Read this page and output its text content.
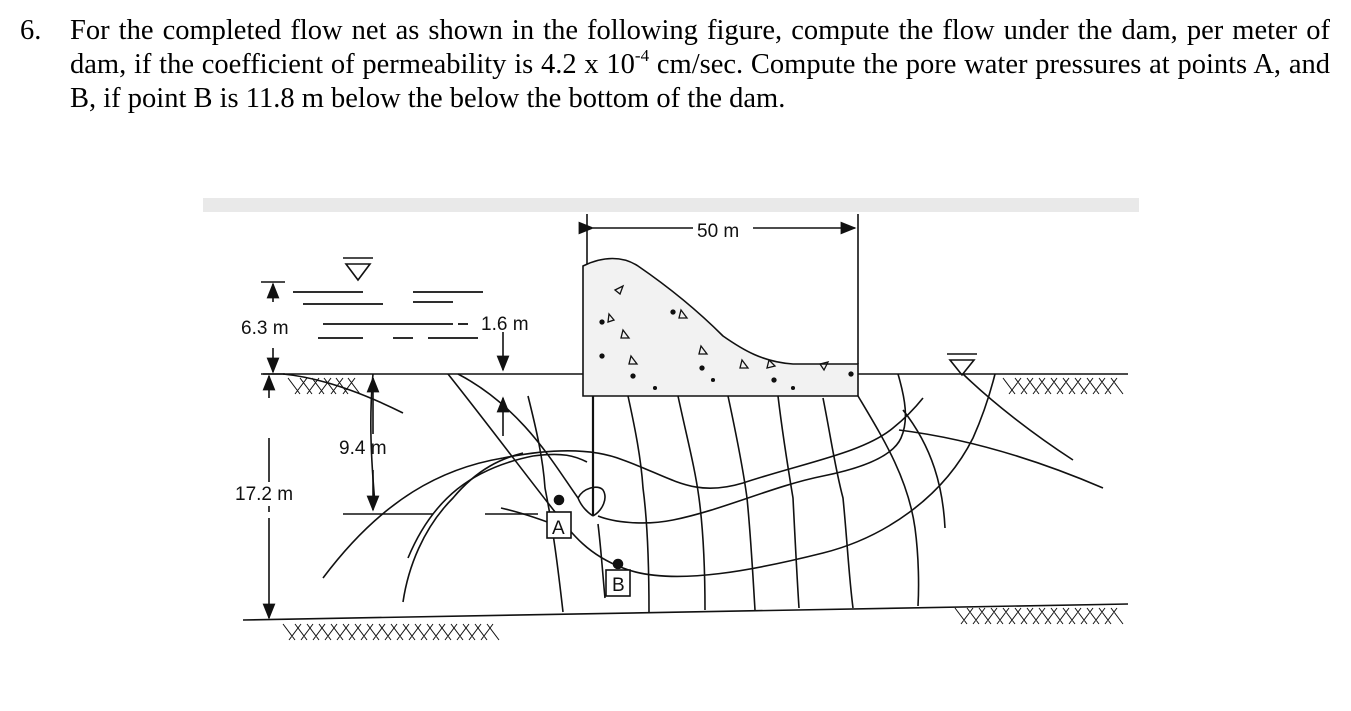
6. For the completed flow net as shown in the following figure, compute the flow under the dam, per meter of dam, if the coefficient of permeability is 4.2 x $10^{-4}$ cm/sec. Compute the pore water pressures at points A, and B, if point B is 11.8 m below the below the bottom of the dam.
50 m
6.3 m	1.6 m
9.4 m
17.2 m
A
B
